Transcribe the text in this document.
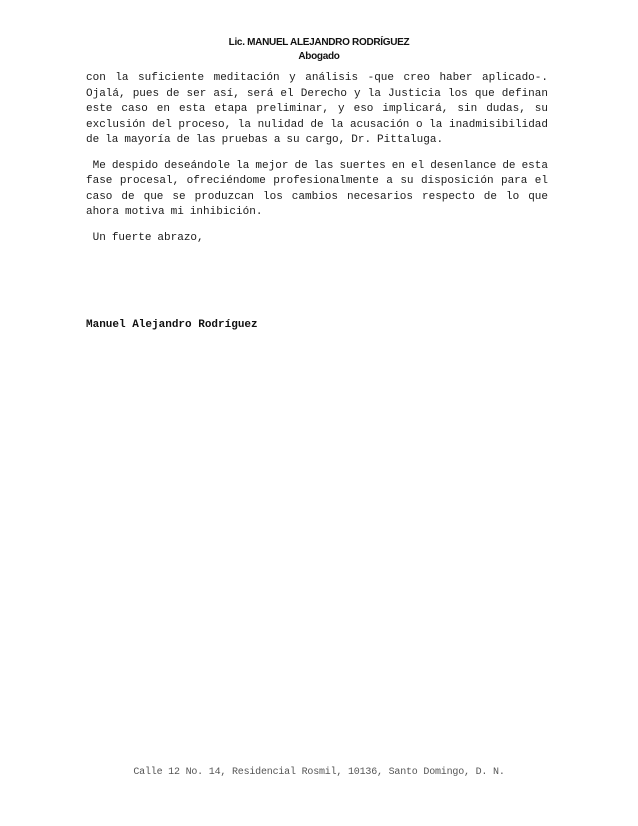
Lic. MANUEL ALEJANDRO RODRÍGUEZ
Abogado

con la suficiente meditación y análisis -que creo haber aplicado-. Ojalá, pues de ser así, será el Derecho y la Justicia los que definan este caso en esta etapa preliminar, y eso implicará, sin dudas, su exclusión del proceso, la nulidad de la acusación o la inadmisibilidad de la mayoría de las pruebas a su cargo, Dr. Pittaluga.

Me despido deseándole la mejor de las suertes en el desenlance de esta fase procesal, ofreciéndome profesionalmente a su disposición para el caso de que se produzcan los cambios necesarios respecto de lo que ahora motiva mi inhibición.

Un fuerte abrazo,

Manuel Alejandro Rodríguez
Calle 12 No. 14, Residencial Rosmil, 10136, Santo Domingo, D. N.
